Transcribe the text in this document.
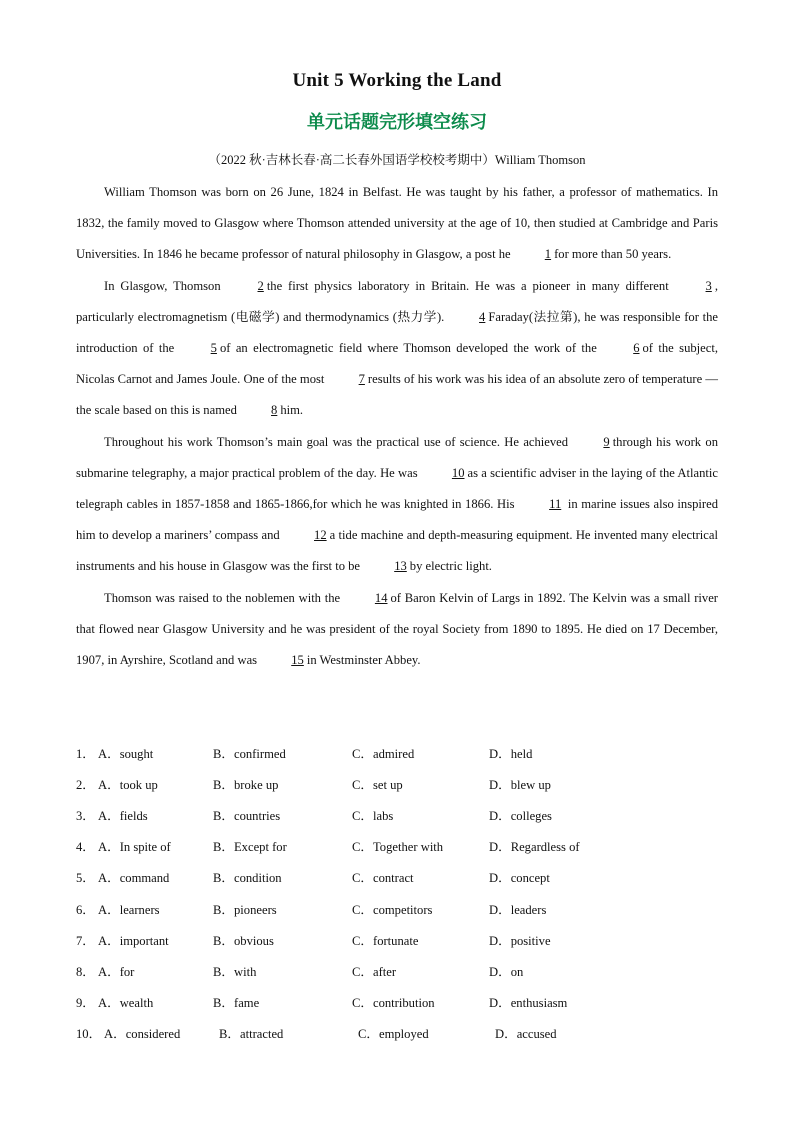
Unit 5 Working the Land
单元话题完形填空练习
（2022 秋·吉林长春·高二长春外国语学校校考期中）William Thomson

William Thomson was born on 26 June, 1824 in Belfast. He was taught by his father, a professor of mathematics. In 1832, the family moved to Glasgow where Thomson attended university at the age of 10, then studied at Cambridge and Paris Universities. In 1846 he became professor of natural philosophy in Glasgow, a post he 1 for more than 50 years.

In Glasgow, Thomson 2 the first physics laboratory in Britain. He was a pioneer in many different 3 , particularly electromagnetism (电磁学) and thermodynamics (热力学). 4 Faraday(法拉第), he was responsible for the introduction of the 5 of an electromagnetic field where Thomson developed the work of the 6 of the subject, Nicolas Carnot and James Joule. One of the most 7 results of his work was his idea of an absolute zero of temperature — the scale based on this is named 8 him.

Throughout his work Thomson’s main goal was the practical use of science. He achieved 9 through his work on submarine telegraphy, a major practical problem of the day. He was 10 as a scientific adviser in the laying of the Atlantic telegraph cables in 1857-1858 and 1865-1866,for which he was knighted in 1866. His 11 in marine issues also inspired him to develop a mariners’ compass and 12 a tide machine and depth-measuring equipment. He invented many electrical instruments and his house in Glasgow was the first to be 13 by electric light.

Thomson was raised to the noblemen with the 14 of Baron Kelvin of Largs in 1892. The Kelvin was a small river that flowed near Glasgow University and he was president of the royal Society from 1890 to 1895. He died on 17 December, 1907, in Ayrshire, Scotland and was 15 in Westminster Abbey.

1． A．sought	B．confirmed	C．admired	D．held
2． A．took up	B．broke up	C．set up	D．blew up
3． A．fields	B．countries	C．labs	D．colleges
4． A．In spite of	B．Except for	C．Together with	D．Regardless of
5． A．command	B．condition	C．contract	D．concept
6． A．learners	B．pioneers	C．competitors	D．leaders
7． A．important	B．obvious	C．fortunate	D．positive
8． A．for	B．with	C．after	D．on
9． A．wealth	B．fame	C．contribution	D．enthusiasm
10． A．considered	B．attracted	C．employed	D．accused
